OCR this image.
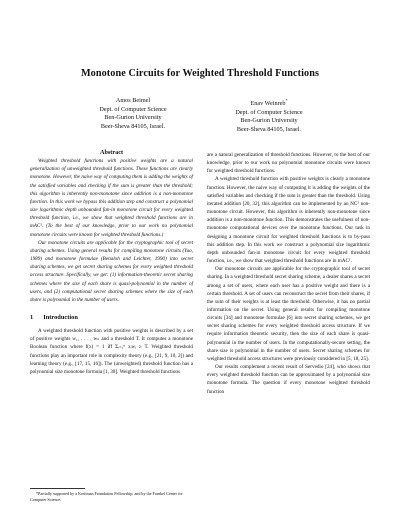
Monotone Circuits for Weighted Threshold Functions
Amos Beimel
Dept. of Computer Science
Ben-Gurion University
Beer-Sheva 84105, Israel.
Enav Weinreb*
Dept. of Computer Science
Ben-Gurion University
Beer-Sheva 84105, Israel.

Abstract

Weighted threshold functions with positive weights are a natural generalization of unweighted threshold functions. These functions are clearly monotone. However, the naive way of computing them is adding the weights of the satisfied variables and checking if the sum is greater than the threshold; this algorithm is inherently non-monotone since addition is a non-monotone function. In this work we bypass this addition step and construct a polynomial size logarithmic depth unbounded fan-in monotone circuit for every weighted threshold function, i.e., we show that weighted threshold functions are in mAC¹. (To the best of our knowledge, prior to our work no polynomial monotone circuits were known for weighted threshold functions.)

Our monotone circuits are applicable for the cryptographic tool of secret sharing schemes. Using general results for compiling monotone circuits (Yao, 1989) and monotone formulae (Benaloh and Leichter, 1990) into secret sharing schemes, we get secret sharing schemes for every weighted threshold access structure. Specifically, we get: (1) information-theoretic secret sharing schemes where the size of each share is quasi-polynomial in the number of users, and (2) computational secret sharing schemes where the size of each share is polynomial in the number of users.

1 Introduction

A weighted threshold function with positive weights is described by a set of positive weights w₁, . . . , wₙ and a threshold T. It computes a monotone Boolean function where f(x) = 1 iff Σᵢ₌₁ⁿ xᵢwᵢ ≥ T. Weighted threshold functions play an important role in complexity theory (e.g., [21, 9, 10, 2]) and learning theory (e.g., [17, 15, 16]). The (unweighted) threshold function has a polynomial size monotone formula [1, 30]. Weighted threshold functions

*Partially supported by a Kreitman Foundation Fellowship, and by the Frankel Center for Computer Science.

are a natural generalization of threshold functions. However, to the best of our knowledge, prior to our work no polynomial monotone circuits were known for weighted threshold functions.

A weighted threshold function with positive weights is clearly a monotone function. However, the naive way of computing it is adding the weights of the satisfied variables and checking if the sum is greater than the threshold. Using iterated addition [20, 32], this algorithm can be implemented by an NC¹ non-monotone circuit. However, this algorithm is inherently non-monotone since addition is a non-monotone function. This demonstrates the usefulness of non-monotone computational devices over the monotone functions. Our task in designing a monotone circuit for weighted threshold functions is to by-pass this addition step. In this work we construct a polynomial size logarithmic depth unbounded fan-in monotone circuit for every weighted threshold function, i.e., we show that weighted threshold functions are in mAC¹.

Our monotone circuits are applicable for the cryptographic tool of secret sharing. In a weighted threshold secret sharing scheme, a dealer shares a secret among a set of users, where each user has a positive weight and there is a certain threshold. A set of users can reconstruct the secret from their shares, if the sum of their weights is at least the threshold. Otherwise, it has no partial information on the secret. Using general results for compiling monotone circuits [34] and monotone formulae [6] into secret sharing schemes, we get secret sharing schemes for every weighted threshold access structure. If we require information theoretic security, then the size of each share is quasi-polynomial in the number of users. In the computationally-secure setting, the share size is polynomial in the number of users. Secret sharing schemes for weighted threshold access structures were previously considered in [5, 18, 25].

Our results complement a recent result of Servedio [24], who shows that every weighted threshold function can be approximated by a polynomial size monotone formula. The question if every monotone weighted threshold function
